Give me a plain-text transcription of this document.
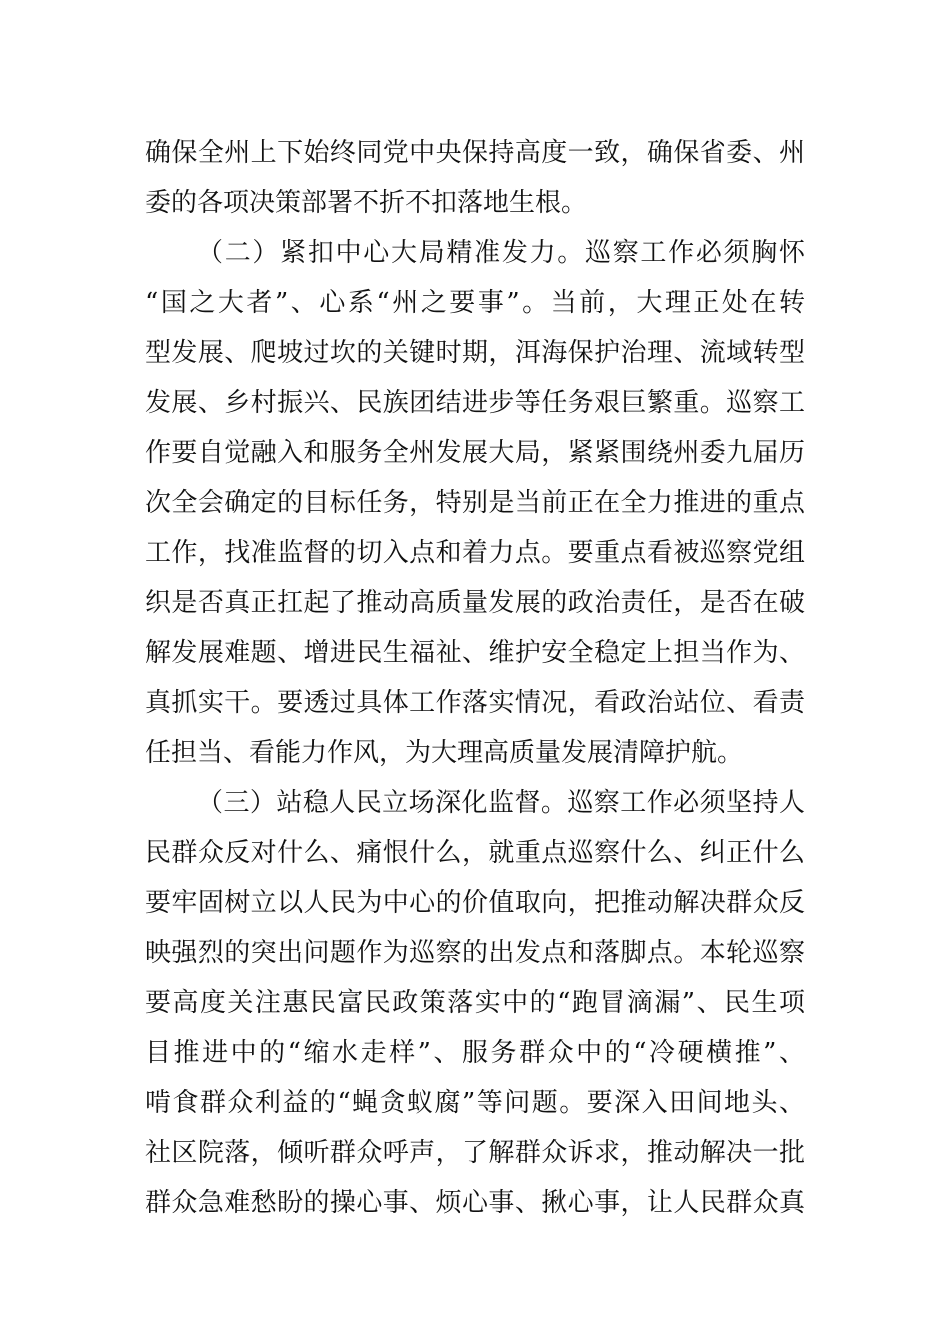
确保全州上下始终同党中央保持高度一致，确保省委、州
委的各项决策部署不折不扣落地生根。
（二）紧扣中心大局精准发力。巡察工作必须胸怀
“国之大者”、心系“州之要事”。当前，大理正处在转
型发展、爬坡过坎的关键时期，洱海保护治理、流域转型
发展、乡村振兴、民族团结进步等任务艰巨繁重。巡察工
作要自觉融入和服务全州发展大局，紧紧围绕州委九届历
次全会确定的目标任务，特别是当前正在全力推进的重点
工作，找准监督的切入点和着力点。要重点看被巡察党组
织是否真正扛起了推动高质量发展的政治责任，是否在破
解发展难题、增进民生福祉、维护安全稳定上担当作为、
真抓实干。要透过具体工作落实情况，看政治站位、看责
任担当、看能力作风，为大理高质量发展清障护航。
（三）站稳人民立场深化监督。巡察工作必须坚持人
民群众反对什么、痛恨什么，就重点巡察什么、纠正什么
要牢固树立以人民为中心的价值取向，把推动解决群众反
映强烈的突出问题作为巡察的出发点和落脚点。本轮巡察
要高度关注惠民富民政策落实中的“跑冒滴漏”、民生项
目推进中的“缩水走样”、服务群众中的“冷硬横推”、
啃食群众利益的“蝇贪蚁腐”等问题。要深入田间地头、
社区院落，倾听群众呼声，了解群众诉求，推动解决一批
群众急难愁盼的操心事、烦心事、揪心事，让人民群众真
